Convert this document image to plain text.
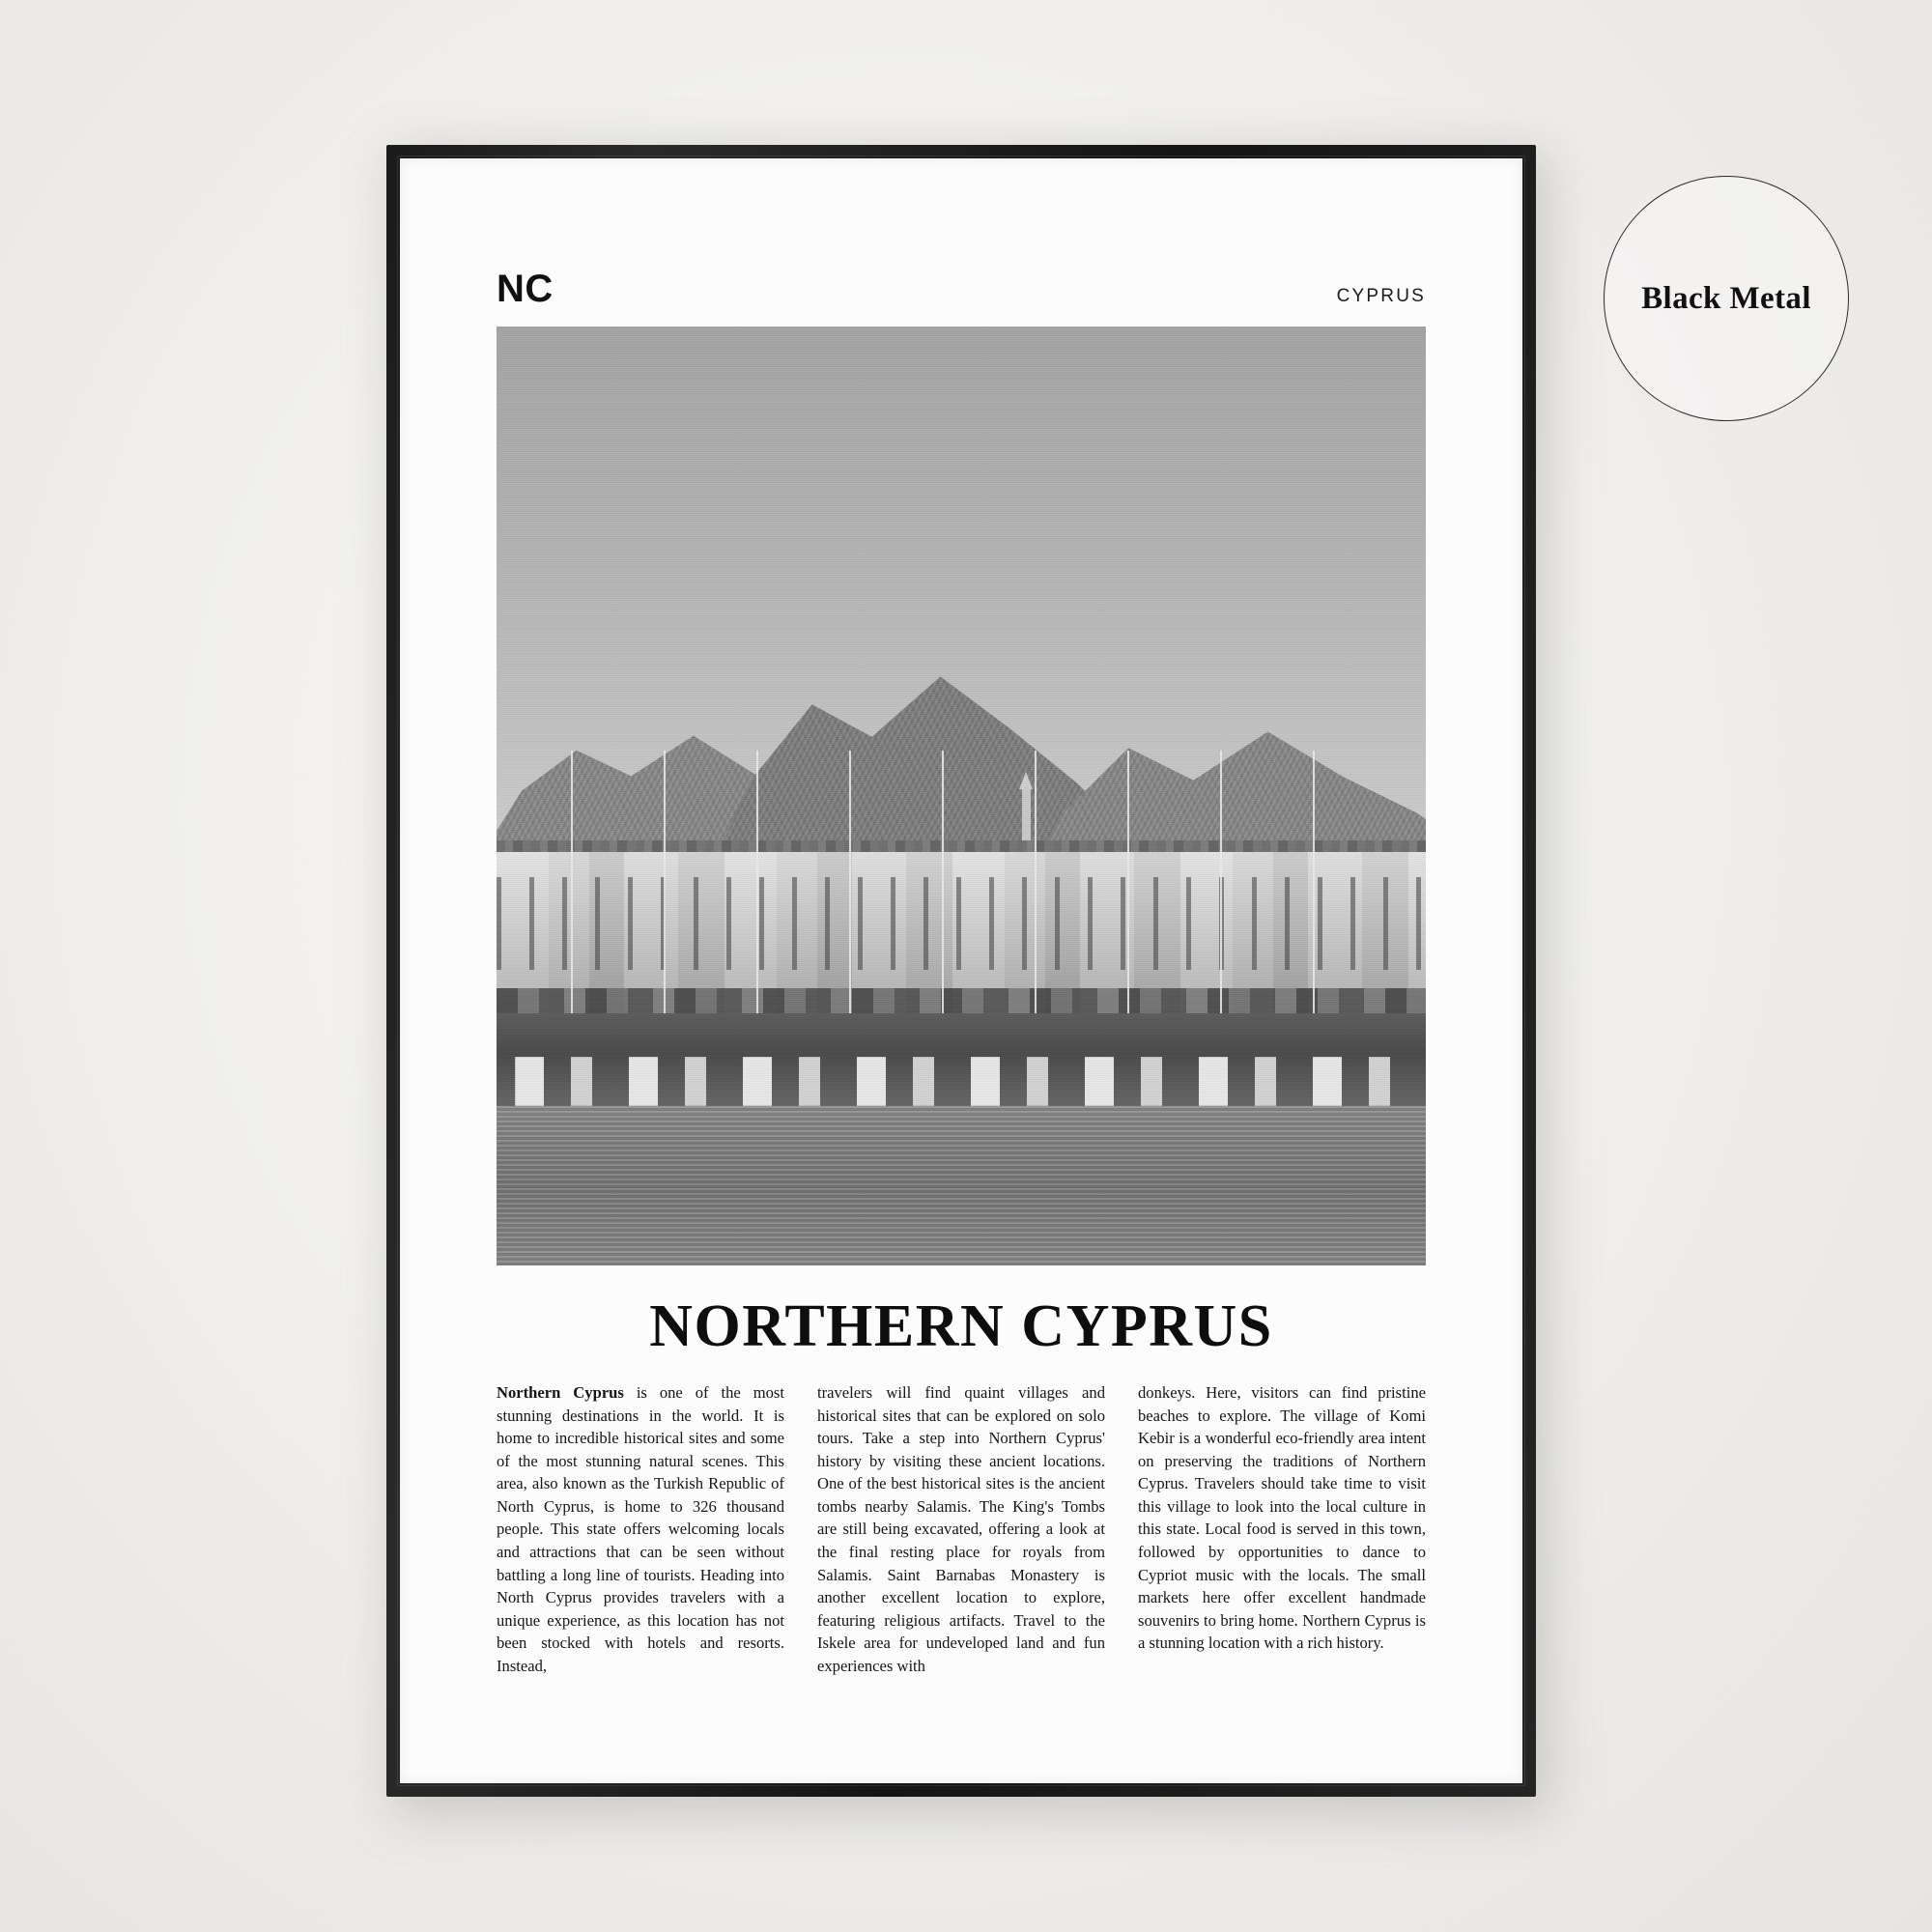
NC	CYPRUS
NORTHERN CYPRUS
Northern Cyprus is one of the most stunning destinations in the world. It is home to incredible historical sites and some of the most stunning natural scenes. This area, also known as the Turkish Republic of North Cyprus, is home to 326 thousand people. This state offers welcoming locals and attractions that can be seen without battling a long line of tourists. Heading into North Cyprus provides travelers with a unique experience, as this location has not been stocked with hotels and resorts. Instead,
travelers will find quaint villages and historical sites that can be explored on solo tours. Take a step into Northern Cyprus' history by visiting these ancient locations. One of the best historical sites is the ancient tombs nearby Salamis. The King's Tombs are still being excavated, offering a look at the final resting place for royals from Salamis. Saint Barnabas Monastery is another excellent location to explore, featuring religious artifacts. Travel to the Iskele area for undeveloped land and fun experiences with
donkeys. Here, visitors can find pristine beaches to explore. The village of Komi Kebir is a wonderful eco-friendly area intent on preserving the traditions of Northern Cyprus. Travelers should take time to visit this village to look into the local culture in this state. Local food is served in this town, followed by opportunities to dance to Cypriot music with the locals. The small markets here offer excellent handmade souvenirs to bring home. Northern Cyprus is a stunning location with a rich history.
Black Metal
